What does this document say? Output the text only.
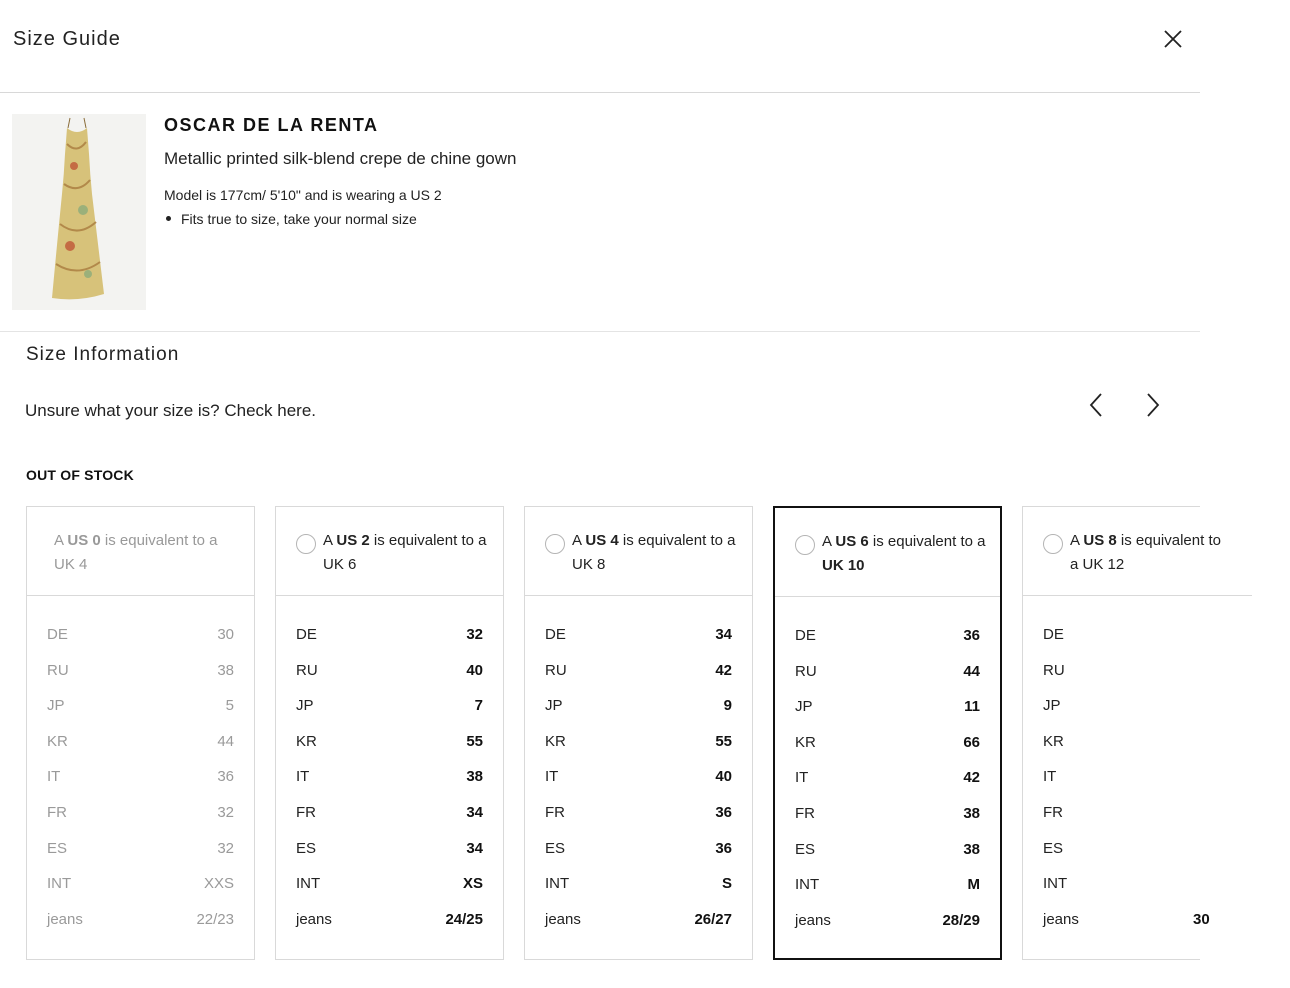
Size Guide
OSCAR DE LA RENTA
Metallic printed silk-blend crepe de chine gown
Model is 177cm/ 5'10" and is wearing a US 2
Fits true to size, take your normal size
Size Information
Unsure what your size is? Check here.
OUT OF STOCK
A US 0 is equivalent to a UK 4
DE	30
RU	38
JP	5
KR	44
IT	36
FR	32
ES	32
INT	XXS
jeans	22/23
A US 2 is equivalent to a UK 6
DE	32
RU	40
JP	7
KR	55
IT	38
FR	34
ES	34
INT	XS
jeans	24/25
A US 4 is equivalent to a UK 8
DE	34
RU	42
JP	9
KR	55
IT	40
FR	36
ES	36
INT	S
jeans	26/27
A US 6 is equivalent to a UK 10
DE	36
RU	44
JP	11
KR	66
IT	42
FR	38
ES	38
INT	M
jeans	28/29
A US 8 is equivalent to
a UK 12
DE
RU
JP
KR
IT
FR
ES
INT
jeans	30
